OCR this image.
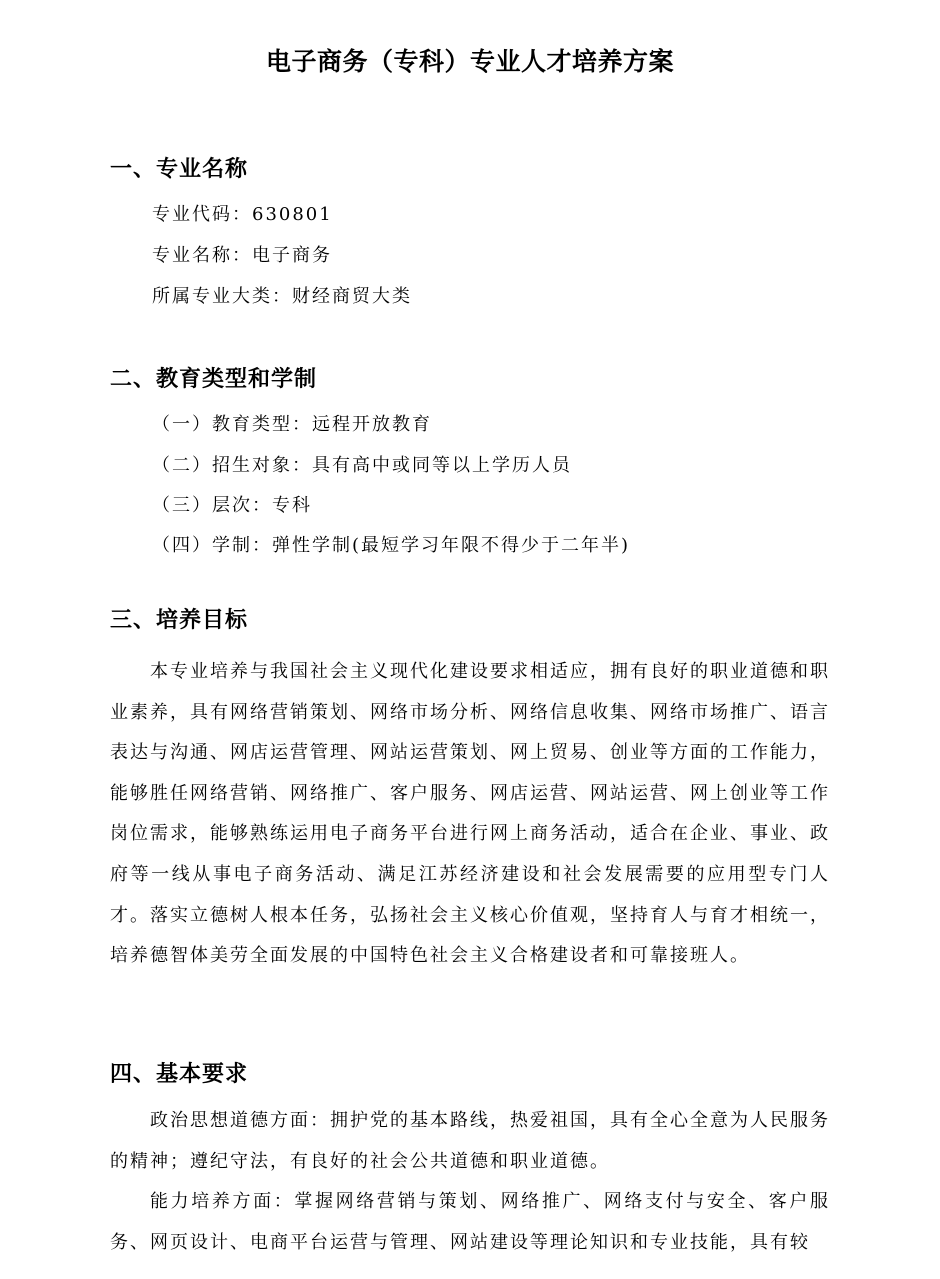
电子商务（专科）专业人才培养方案
一、专业名称
专业代码：630801
专业名称：电子商务
所属专业大类：财经商贸大类
二、教育类型和学制
（一）教育类型：远程开放教育
（二）招生对象：具有高中或同等以上学历人员
（三）层次：专科
（四）学制：弹性学制(最短学习年限不得少于二年半)
三、培养目标

本专业培养与我国社会主义现代化建设要求相适应，拥有良好的职业道德和职业素养，具有网络营销策划、网络市场分析、网络信息收集、网络市场推广、语言表达与沟通、网店运营管理、网站运营策划、网上贸易、创业等方面的工作能力，能够胜任网络营销、网络推广、客户服务、网店运营、网站运营、网上创业等工作岗位需求，能够熟练运用电子商务平台进行网上商务活动，适合在企业、事业、政府等一线从事电子商务活动、满足江苏经济建设和社会发展需要的应用型专门人才。落实立德树人根本任务，弘扬社会主义核心价值观，坚持育人与育才相统一，培养德智体美劳全面发展的中国特色社会主义合格建设者和可靠接班人。

四、基本要求

政治思想道德方面：拥护党的基本路线，热爱祖国，具有全心全意为人民服务的精神；遵纪守法，有良好的社会公共道德和职业道德。

能力培养方面：掌握网络营销与策划、网络推广、网络支付与安全、客户服务、网页设计、电商平台运营与管理、网站建设等理论知识和专业技能，具有较
